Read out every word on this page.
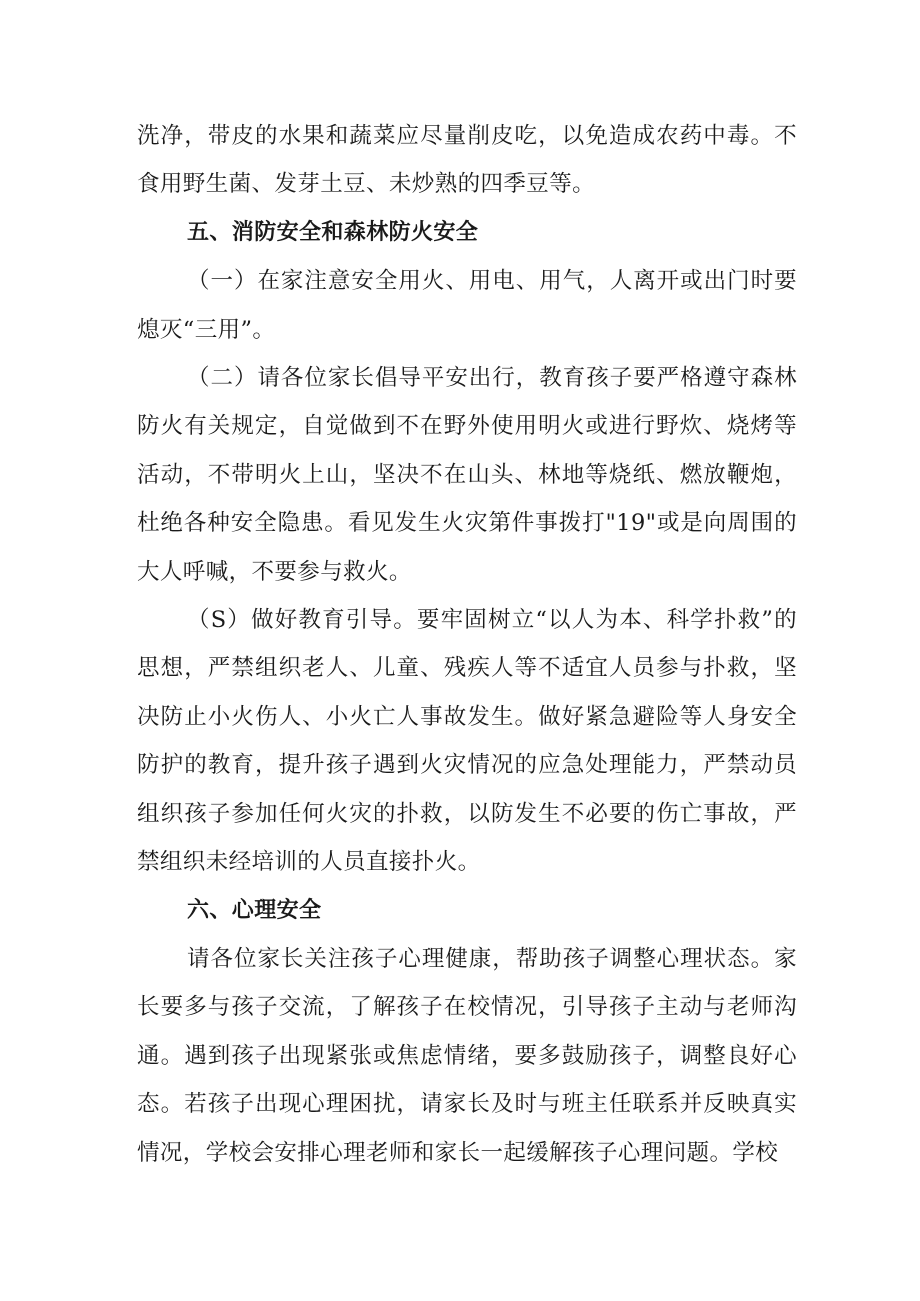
洗净，带皮的水果和蔬菜应尽量削皮吃，以免造成农药中毒。不食用野生菌、发芽土豆、未炒熟的四季豆等。

五、消防安全和森林防火安全

（一）在家注意安全用火、用电、用气，人离开或出门时要熄灭“三用”。

（二）请各位家长倡导平安出行，教育孩子要严格遵守森林防火有关规定，自觉做到不在野外使用明火或进行野炊、烧烤等活动，不带明火上山，坚决不在山头、林地等烧纸、燃放鞭炮，杜绝各种安全隐患。看见发生火灾第件事拨打"19"或是向周围的大人呼喊，不要参与救火。

（S）做好教育引导。要牢固树立“以人为本、科学扑救”的思想，严禁组织老人、儿童、残疾人等不适宜人员参与扑救，坚决防止小火伤人、小火亡人事故发生。做好紧急避险等人身安全防护的教育，提升孩子遇到火灾情况的应急处理能力，严禁动员组织孩子参加任何火灾的扑救，以防发生不必要的伤亡事故，严禁组织未经培训的人员直接扑火。

六、心理安全

请各位家长关注孩子心理健康，帮助孩子调整心理状态。家长要多与孩子交流，了解孩子在校情况，引导孩子主动与老师沟通。遇到孩子出现紧张或焦虑情绪，要多鼓励孩子，调整良好心态。若孩子出现心理困扰，请家长及时与班主任联系并反映真实情况，学校会安排心理老师和家长一起缓解孩子心理问题。学校
